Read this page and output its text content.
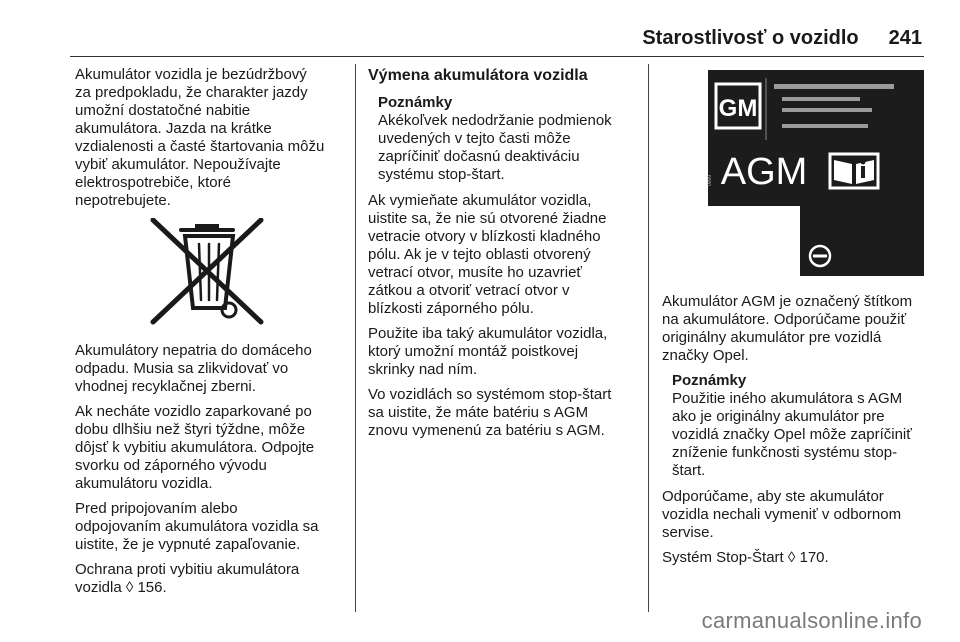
Starostlivosť o vozidlo 241

Akumulátor vozidla je bezúdržbový
za predpokladu, že charakter jazdy
umožní dostatočné nabitie
akumulátora. Jazda na krátke
vzdialenosti a časté štartovania môžu
vybiť akumulátor. Nepoužívajte
elektrospotrebiče, ktoré
nepotrebujete.

Akumulátory nepatria do domáceho
odpadu. Musia sa zlikvidovať vo
vhodnej recyklačnej zberni.

Ak necháte vozidlo zaparkované po
dobu dlhšiu než štyri týždne, môže
dôjsť k vybitiu akumulátora. Odpojte
svorku od záporného vývodu
akumulátoru vozidla.

Pred pripojovaním alebo
odpojovaním akumulátora vozidla sa
uistite, že je vypnuté zapaľovanie.

Ochrana proti vybitiu akumulátora
vozidla ◊ 156.

Výmena akumulátora vozidla
Poznámky
Akékoľvek nedodržanie podmienok
uvedených v tejto časti môže
zapríčiniť dočasnú deaktiváciu
systému stop-štart.

Ak vymieňate akumulátor vozidla,
uistite sa, že nie sú otvorené žiadne
vetracie otvory v blízkosti kladného
pólu. Ak je v tejto oblasti otvorený
vetrací otvor, musíte ho uzavrieť
zátkou a otvoriť vetrací otvor v
blízkosti záporného pólu.

Použite iba taký akumulátor vozidla,
ktorý umožní montáž poistkovej
skrinky nad ním.

Vo vozidlách so systémom stop-štart
sa uistite, že máte batériu s AGM
znovu vymenenú za batériu s AGM.

GM
AGM
0000

Akumulátor AGM je označený štítkom
na akumulátore. Odporúčame použiť
originálny akumulátor pre vozidlá
značky Opel.

Poznámky
Použitie iného akumulátora s AGM
ako je originálny akumulátor pre
vozidlá značky Opel môže zapríčiniť
zníženie funkčnosti systému stop-
štart.

Odporúčame, aby ste akumulátor
vozidla nechali vymeniť v odbornom
servise.

Systém Stop-Štart ◊ 170.

carmanualsonline.info
